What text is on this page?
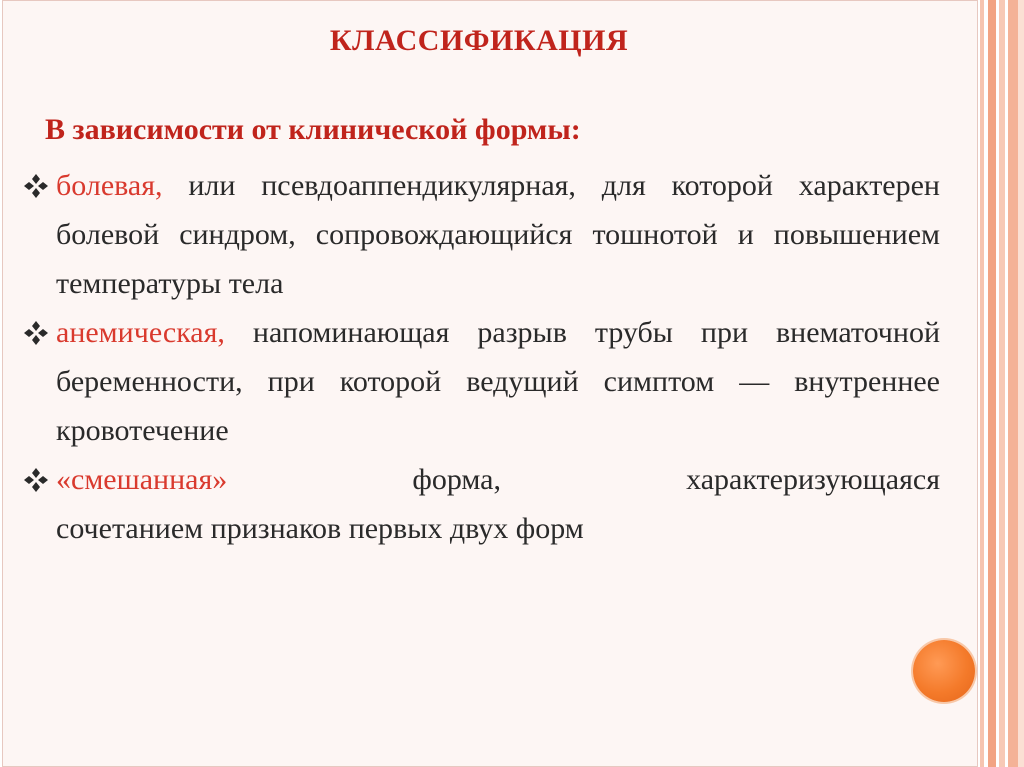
КЛАССИФИКАЦИЯ
В зависимости от клинической формы:
болевая, или псевдоаппендикулярная, для которой характерен болевой синдром, сопровождающийся тошнотой и повышением температуры тела
анемическая, напоминающая разрыв трубы при внематочной беременности, при которой ведущий симптом — внутреннее кровотечение
«смешанная»	форма,	характеризующаяся
сочетанием признаков первых двух форм
